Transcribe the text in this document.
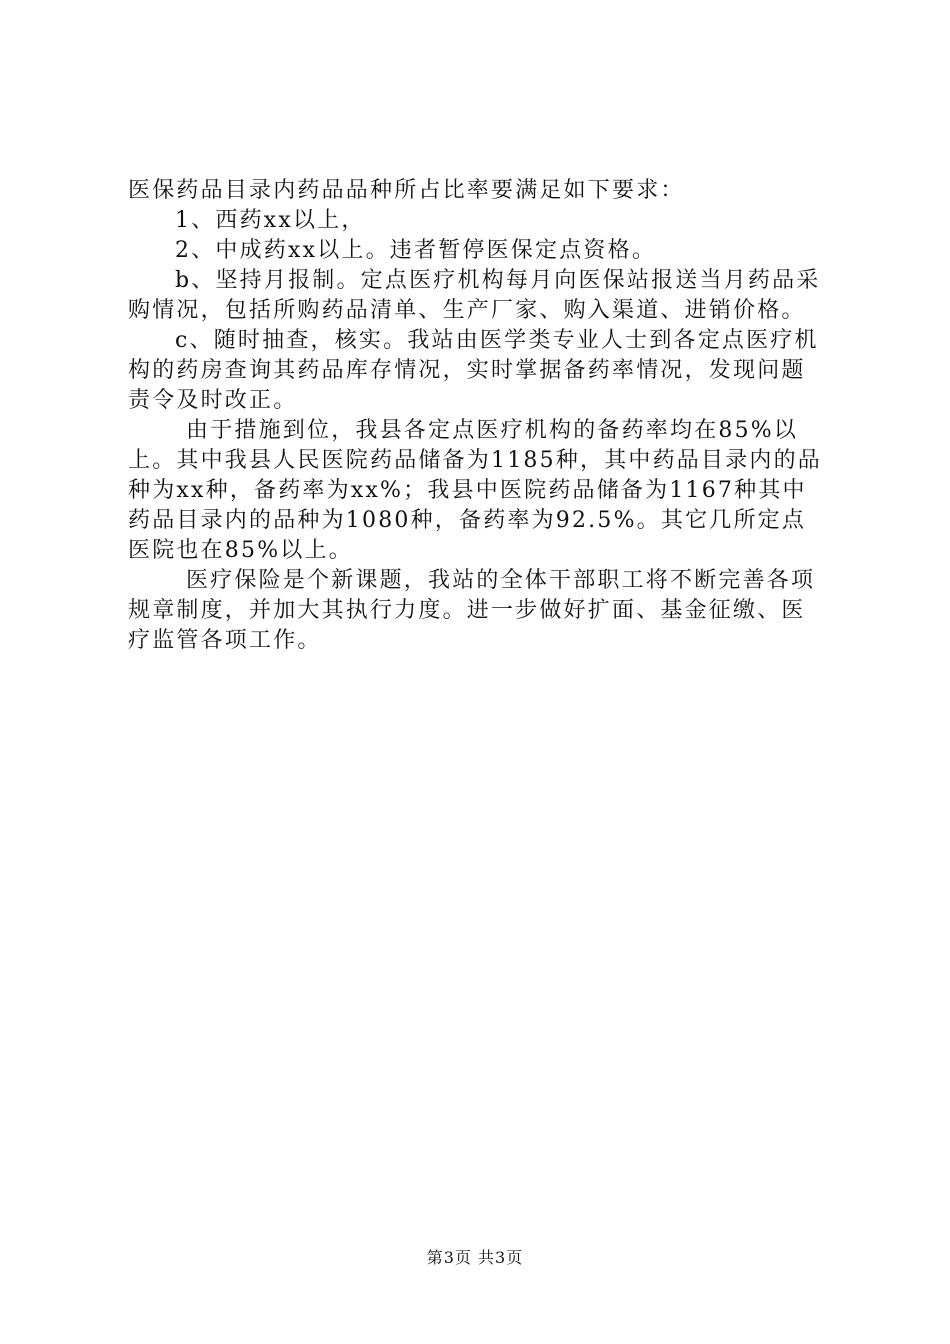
医保药品目录内药品品种所占比率要满足如下要求：

1、西药xx以上，

2、中成药xx以上。违者暂停医保定点资格。

b、坚持月报制。定点医疗机构每月向医保站报送当月药品采购情况，包括所购药品清单、生产厂家、购入渠道、进销价格。

c、随时抽查，核实。我站由医学类专业人士到各定点医疗机构的药房查询其药品库存情况，实时掌据备药率情况，发现问题责令及时改正。

由于措施到位，我县各定点医疗机构的备药率均在85%以上。其中我县人民医院药品储备为1185种，其中药品目录内的品种为xx种，备药率为xx%；我县中医院药品储备为1167种其中药品目录内的品种为1080种，备药率为92.5%。其它几所定点医院也在85%以上。

医疗保险是个新课题，我站的全体干部职工将不断完善各项规章制度，并加大其执行力度。进一步做好扩面、基金征缴、医疗监管各项工作。

第3页 共3页
